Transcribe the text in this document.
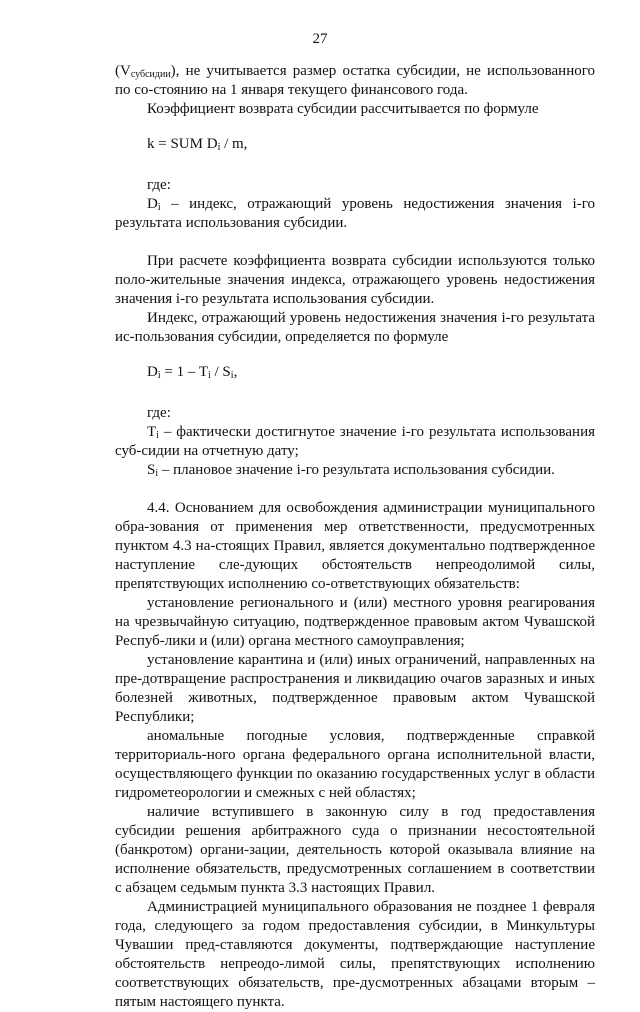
27

$(V_{субсидии})$, не учитывается размер остатка субсидии, не использованного по со-стоянию на 1 января текущего финансового года.

Коэффициент возврата субсидии рассчитывается по формуле

k = SUM $D_i$ / m,

где:

$D_i$ – индекс, отражающий уровень недостижения значения i-го результата использования субсидии.

При расчете коэффициента возврата субсидии используются только поло-жительные значения индекса, отражающего уровень недостижения значения i-го результата использования субсидии.

Индекс, отражающий уровень недостижения значения i-го результата ис-пользования субсидии, определяется по формуле

$D_i = 1 - T_i / S_i$,

где:

$T_i$ – фактически достигнутое значение i-го результата использования суб-сидии на отчетную дату;

$S_i$ – плановое значение i-го результата использования субсидии.

4.4. Основанием для освобождения администрации муниципального обра-зования от применения мер ответственности, предусмотренных пунктом 4.3 на-стоящих Правил, является документально подтвержденное наступление сле-дующих обстоятельств непреодолимой силы, препятствующих исполнению со-ответствующих обязательств:

установление регионального и (или) местного уровня реагирования на чрезвычайную ситуацию, подтвержденное правовым актом Чувашской Респуб-лики и (или) органа местного самоуправления;

установление карантина и (или) иных ограничений, направленных на пре-дотвращение распространения и ликвидацию очагов заразных и иных болезней животных, подтвержденное правовым актом Чувашской Республики;

аномальные погодные условия, подтвержденные справкой территориаль-ного органа федерального органа исполнительной власти, осуществляющего функции по оказанию государственных услуг в области гидрометеорологии и смежных с ней областях;

наличие вступившего в законную силу в год предоставления субсидии решения арбитражного суда о признании несостоятельной (банкротом) органи-зации, деятельность которой оказывала влияние на исполнение обязательств, предусмотренных соглашением в соответствии с абзацем седьмым пункта 3.3 настоящих Правил.

Администрацией муниципального образования не позднее 1 февраля года, следующего за годом предоставления субсидии, в Минкультуры Чувашии пред-ставляются документы, подтверждающие наступление обстоятельств непреодо-лимой силы, препятствующих исполнению соответствующих обязательств, пре-дусмотренных абзацами вторым – пятым настоящего пункта.
